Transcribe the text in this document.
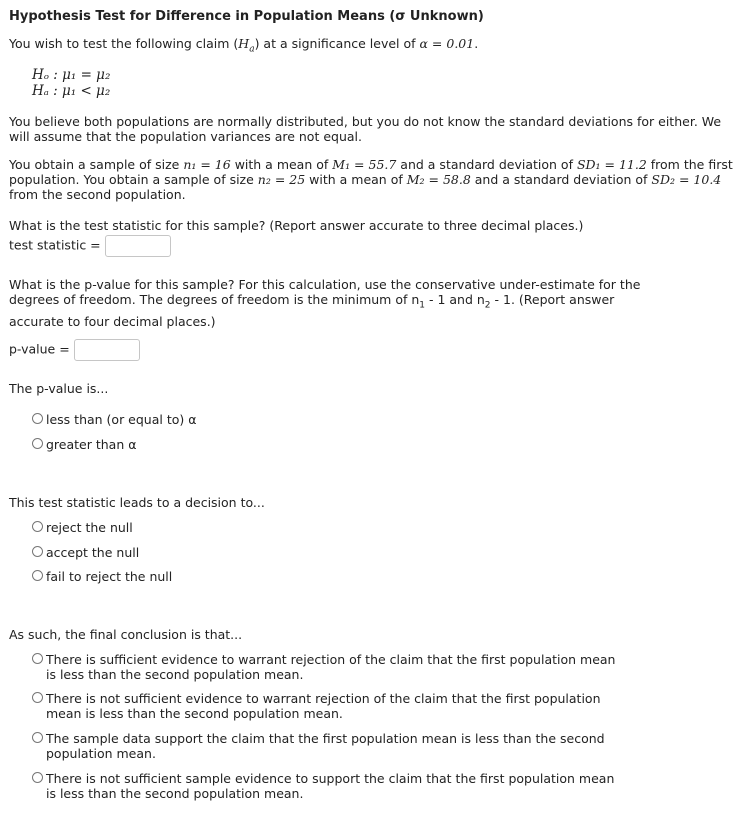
Hypothesis Test for Difference in Population Means (σ Unknown)
You wish to test the following claim $(H_a)$ at a significance level of α = 0.01.
Hₒ : μ₁ = μ₂
Hₐ : μ₁ < μ₂
You believe both populations are normally distributed, but you do not know the standard deviations for either. We will assume that the population variances are not equal.
You obtain a sample of size n₁ = 16 with a mean of M₁ = 55.7 and a standard deviation of SD₁ = 11.2 from the first population. You obtain a sample of size n₂ = 25 with a mean of M₂ = 58.8 and a standard deviation of SD₂ = 10.4 from the second population.
What is the test statistic for this sample? (Report answer accurate to three decimal places.)
test statistic =
What is the p-value for this sample? For this calculation, use the conservative under-estimate for the degrees of freedom. The degrees of freedom is the minimum of $n_1 - 1$ and $n_2 - 1$. (Report answer accurate to four decimal places.)
p-value =
The p-value is...
less than (or equal to) α
greater than α
This test statistic leads to a decision to...
reject the null
accept the null
fail to reject the null
As such, the final conclusion is that...
There is sufficient evidence to warrant rejection of the claim that the first population mean is less than the second population mean.
There is not sufficient evidence to warrant rejection of the claim that the first population mean is less than the second population mean.
The sample data support the claim that the first population mean is less than the second population mean.
There is not sufficient sample evidence to support the claim that the first population mean is less than the second population mean.
